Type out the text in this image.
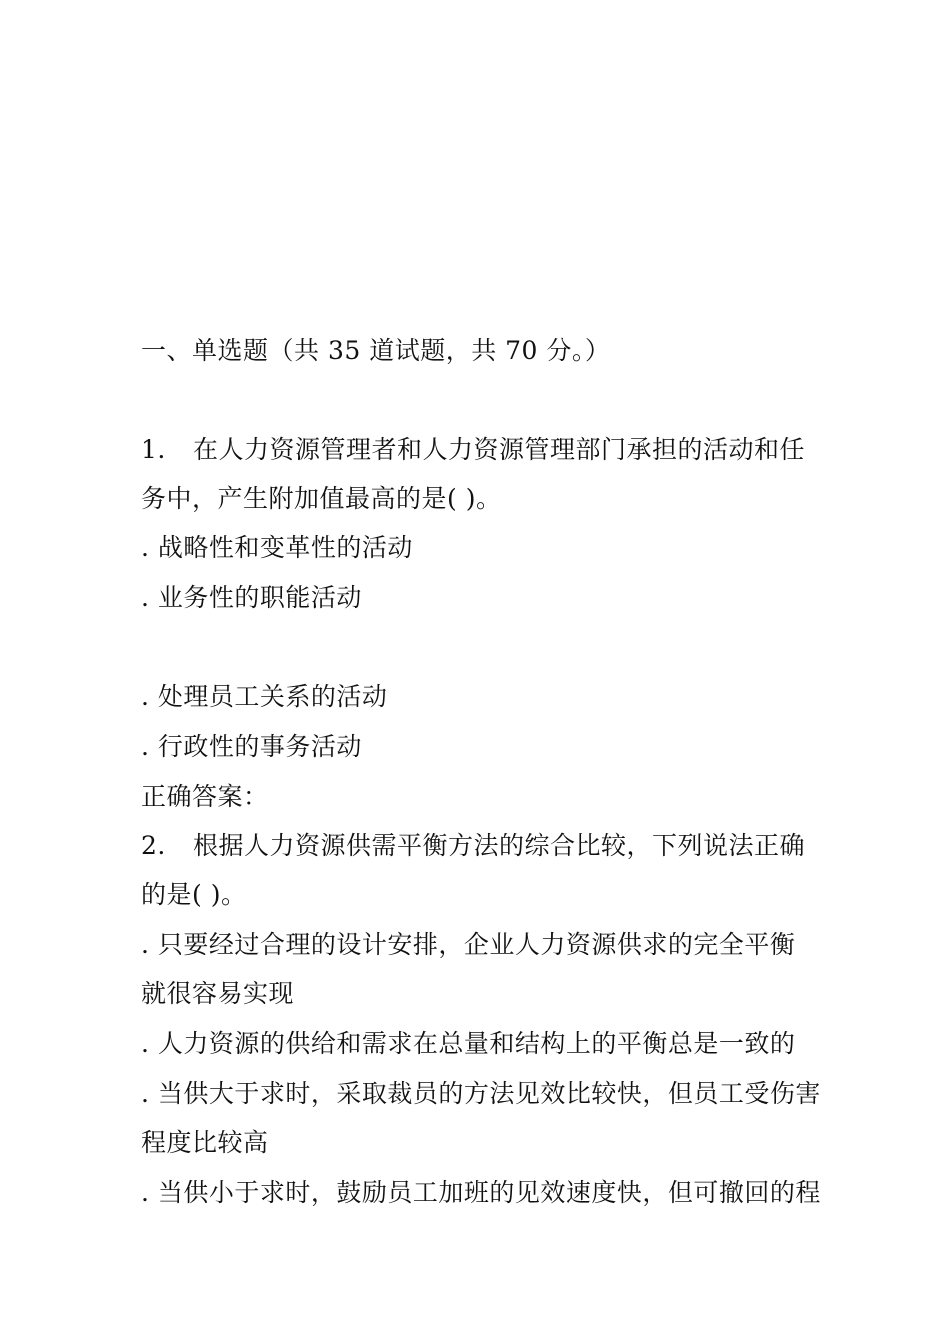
一、单选题（共 35 道试题，共 70 分。）
1. 在人力资源管理者和人力资源管理部门承担的活动和任
务中，产生附加值最高的是( )。
. 战略性和变革性的活动
. 业务性的职能活动
. 处理员工关系的活动
. 行政性的事务活动
正确答案：
2. 根据人力资源供需平衡方法的综合比较，下列说法正确
的是( )。
. 只要经过合理的设计安排，企业人力资源供求的完全平衡
就很容易实现
. 人力资源的供给和需求在总量和结构上的平衡总是一致的
. 当供大于求时，采取裁员的方法见效比较快，但员工受伤害
程度比较高
. 当供小于求时，鼓励员工加班的见效速度快，但可撤回的程
